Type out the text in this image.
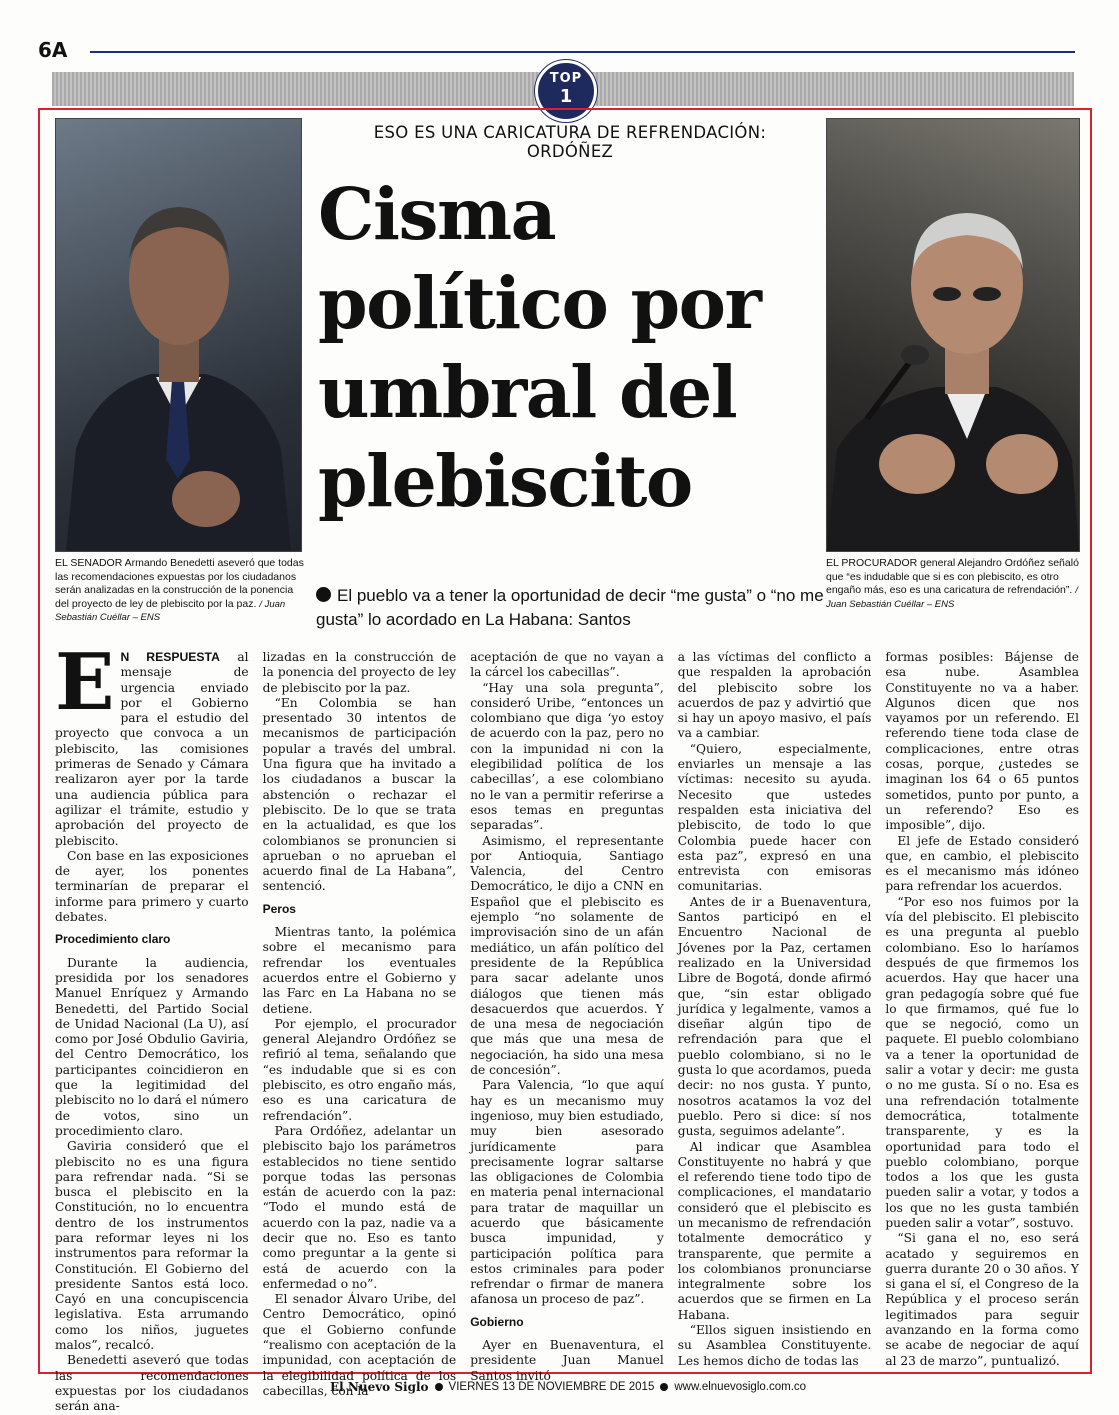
6A
TOP
1
ESO ES UNA CARICATURA DE REFRENDACIÓN: ORDÓÑEZ
Cisma
político por
umbral del
plebiscito
EL SENADOR Armando Benedetti aseveró que todas las recomendaciones expuestas por los ciudadanos serán analizadas en la construcción de la ponencia del proyecto de ley de plebiscito por la paz. / Juan Sebastián Cuéllar – ENS
EL PROCURADOR general Alejandro Ordóñez señaló que “es indudable que si es con plebiscito, es otro engaño más, eso es una caricatura de refrendación”. / Juan Sebastián Cuéllar – ENS
El pueblo va a tener la oportunidad de decir “me gusta” o “no me gusta” lo acordado en La Habana: Santos

E N RESPUESTA al mensaje de urgencia enviado por el Gobierno para el estudio del proyecto que convoca a un plebiscito, las comisiones primeras de Senado y Cámara realizaron ayer por la tarde una audiencia pública para agilizar el trámite, estudio y aprobación del proyecto de plebiscito.

Con base en las exposiciones de ayer, los ponentes terminarían de preparar el informe para primero y cuarto debates.

Procedimiento claro

Durante la audiencia, presidida por los senadores Manuel Enríquez y Armando Benedetti, del Partido Social de Unidad Nacional (La U), así como por José Obdulio Gaviria, del Centro Democrático, los participantes coincidieron en que la legitimidad del plebiscito no lo dará el número de votos, sino un procedimiento claro.

Gaviria consideró que el plebiscito no es una figura para refrendar nada. “Si se busca el plebiscito en la Constitución, no lo encuentra dentro de los instrumentos para reformar leyes ni los instrumentos para reformar la Constitución. El Gobierno del presidente Santos está loco. Cayó en una concupiscencia legislativa. Esta arrumando como los niños, juguetes malos”, recalcó.

Benedetti aseveró que todas las recomendaciones expuestas por los ciudadanos serán ana-

lizadas en la construcción de la ponencia del proyecto de ley de plebiscito por la paz.

“En Colombia se han presentado 30 intentos de mecanismos de participación popular a través del umbral. Una figura que ha invitado a los ciudadanos a buscar la abstención o rechazar el plebiscito. De lo que se trata en la actualidad, es que los colombianos se pronuncien si aprueban o no aprueban el acuerdo final de La Habana”, sentenció.

Peros

Mientras tanto, la polémica sobre el mecanismo para refrendar los eventuales acuerdos entre el Gobierno y las Farc en La Habana no se detiene.

Por ejemplo, el procurador general Alejandro Ordóñez se refirió al tema, señalando que “es indudable que si es con plebiscito, es otro engaño más, eso es una caricatura de refrendación”.

Para Ordóñez, adelantar un plebiscito bajo los parámetros establecidos no tiene sentido porque todas las personas están de acuerdo con la paz: “Todo el mundo está de acuerdo con la paz, nadie va a decir que no. Eso es tanto como preguntar a la gente si está de acuerdo con la enfermedad o no”.

El senador Álvaro Uribe, del Centro Democrático, opinó que el Gobierno confunde “realismo con aceptación de la impunidad, con aceptación de la elegibilidad política de los cabecillas, con la

aceptación de que no vayan a la cárcel los cabecillas”.

“Hay una sola pregunta”, consideró Uribe, “entonces un colombiano que diga ‘yo estoy de acuerdo con la paz, pero no con la impunidad ni con la elegibilidad política de los cabecillas’, a ese colombiano no le van a permitir referirse a esos temas en preguntas separadas”.

Asimismo, el representante por Antioquia, Santiago Valencia, del Centro Democrático, le dijo a CNN en Español que el plebiscito es ejemplo “no solamente de improvisación sino de un afán mediático, un afán político del presidente de la República para sacar adelante unos diálogos que tienen más desacuerdos que acuerdos. Y de una mesa de negociación que más que una mesa de negociación, ha sido una mesa de concesión”.

Para Valencia, “lo que aquí hay es un mecanismo muy ingenioso, muy bien estudiado, muy bien asesorado jurídicamente para precisamente lograr saltarse las obligaciones de Colombia en materia penal internacional para tratar de maquillar un acuerdo que básicamente busca impunidad, y participación política para estos criminales para poder refrendar o firmar de manera afanosa un proceso de paz”.

Gobierno

Ayer en Buenaventura, el presidente Juan Manuel Santos invitó

a las víctimas del conflicto a que respalden la aprobación del plebiscito sobre los acuerdos de paz y advirtió que si hay un apoyo masivo, el país va a cambiar.

“Quiero, especialmente, enviarles un mensaje a las víctimas: necesito su ayuda. Necesito que ustedes respalden esta iniciativa del plebiscito, de todo lo que Colombia puede hacer con esta paz”, expresó en una entrevista con emisoras comunitarias.

Antes de ir a Buenaventura, Santos participó en el Encuentro Nacional de Jóvenes por la Paz, certamen realizado en la Universidad Libre de Bogotá, donde afirmó que, “sin estar obligado jurídica y legalmente, vamos a diseñar algún tipo de refrendación para que el pueblo colombiano, si no le gusta lo que acordamos, pueda decir: no nos gusta. Y punto, nosotros acatamos la voz del pueblo. Pero si dice: sí nos gusta, seguimos adelante”.

Al indicar que Asamblea Constituyente no habrá y que el referendo tiene todo tipo de complicaciones, el mandatario consideró que el plebiscito es un mecanismo de refrendación totalmente democrático y transparente, que permite a los colombianos pronunciarse integralmente sobre los acuerdos que se firmen en La Habana.

“Ellos siguen insistiendo en su Asamblea Constituyente. Les hemos dicho de todas las

formas posibles: Bájense de esa nube. Asamblea Constituyente no va a haber. Algunos dicen que nos vayamos por un referendo. El referendo tiene toda clase de complicaciones, entre otras cosas, porque, ¿ustedes se imaginan los 64 o 65 puntos sometidos, punto por punto, a un referendo? Eso es imposible”, dijo.

El jefe de Estado consideró que, en cambio, el plebiscito es el mecanismo más idóneo para refrendar los acuerdos.

“Por eso nos fuimos por la vía del plebiscito. El plebiscito es una pregunta al pueblo colombiano. Eso lo haríamos después de que firmemos los acuerdos. Hay que hacer una gran pedagogía sobre qué fue lo que firmamos, qué fue lo que se negoció, como un paquete. El pueblo colombiano va a tener la oportunidad de salir a votar y decir: me gusta o no me gusta. Sí o no. Esa es una refrendación totalmente democrática, totalmente transparente, y es la oportunidad para todo el pueblo colombiano, porque todos a los que les gusta pueden salir a votar, y todos a los que no les gusta también pueden salir a votar”, sostuvo.

“Si gana el no, eso será acatado y seguiremos en guerra durante 20 o 30 años. Y si gana el sí, el Congreso de la República y el proceso serán legitimados para seguir avanzando en la forma como se acabe de negociar de aquí al 23 de marzo”, puntualizó.

El Nuevo Siglo VIERNES 13 DE NOVIEMBRE DE 2015 www.elnuevosiglo.com.co
